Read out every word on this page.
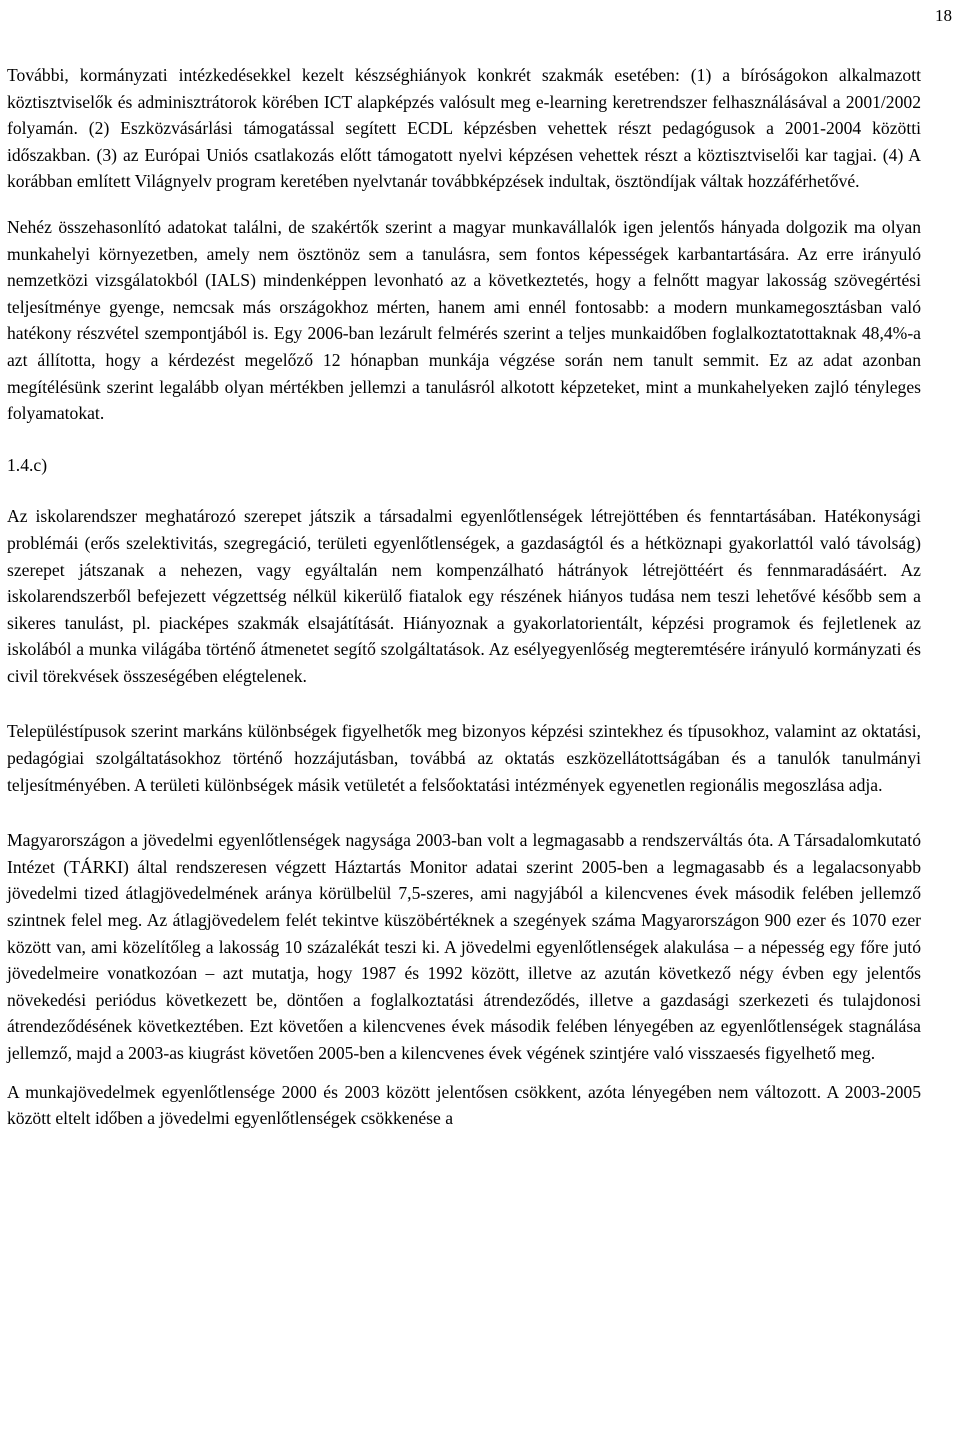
18

További, kormányzati intézkedésekkel kezelt készséghiányok konkrét szakmák esetében: (1) a bíróságokon alkalmazott köztisztviselők és adminisztrátorok körében ICT alapképzés valósult meg e-learning keretrendszer felhasználásával a 2001/2002 folyamán. (2) Eszközvásárlási támogatással segített ECDL képzésben vehettek részt pedagógusok a 2001-2004 közötti időszakban. (3) az Európai Uniós csatlakozás előtt támogatott nyelvi képzésen vehettek részt a köztisztviselői kar tagjai. (4) A korábban említett Világnyelv program keretében nyelvtanár továbbképzések indultak, ösztöndíjak váltak hozzáférhetővé.

Nehéz összehasonlító adatokat találni, de szakértők szerint a magyar munkavállalók igen jelentős hányada dolgozik ma olyan munkahelyi környezetben, amely nem ösztönöz sem a tanulásra, sem fontos képességek karbantartására. Az erre irányuló nemzetközi vizsgálatokból (IALS) mindenképpen levonható az a következtetés, hogy a felnőtt magyar lakosság szövegértési teljesítménye gyenge, nemcsak más országokhoz mérten, hanem ami ennél fontosabb: a modern munkamegosztásban való hatékony részvétel szempontjából is. Egy 2006-ban lezárult felmérés szerint a teljes munkaidőben foglalkoztatottaknak 48,4%-a azt állította, hogy a kérdezést megelőző 12 hónapban munkája végzése során nem tanult semmit. Ez az adat azonban megítélésünk szerint legalább olyan mértékben jellemzi a tanulásról alkotott képzeteket, mint a munkahelyeken zajló tényleges folyamatokat.

1.4.c)

Az iskolarendszer meghatározó szerepet játszik a társadalmi egyenlőtlenségek létrejöttében és fenntartásában. Hatékonysági problémái (erős szelektivitás, szegregáció, területi egyenlőtlenségek, a gazdaságtól és a hétköznapi gyakorlattól való távolság) szerepet játszanak a nehezen, vagy egyáltalán nem kompenzálható hátrányok létrejöttéért és fennmaradásáért. Az iskolarendszerből befejezett végzettség nélkül kikerülő fiatalok egy részének hiányos tudása nem teszi lehetővé később sem a sikeres tanulást, pl. piacképes szakmák elsajátítását. Hiányoznak a gyakorlatorientált, képzési programok és fejletlenek az iskolából a munka világába történő átmenetet segítő szolgáltatások. Az esélyegyenlőség megteremtésére irányuló kormányzati és civil törekvések összeségében elégtelenek.

Településtípusok szerint markáns különbségek figyelhetők meg bizonyos képzési szintekhez és típusokhoz, valamint az oktatási, pedagógiai szolgáltatásokhoz történő hozzájutásban, továbbá az oktatás eszközellátottságában és a tanulók tanulmányi teljesítményében. A területi különbségek másik vetületét a felsőoktatási intézmények egyenetlen regionális megoszlása adja.

Magyarországon a jövedelmi egyenlőtlenségek nagysága 2003-ban volt a legmagasabb a rendszerváltás óta. A Társadalomkutató Intézet (TÁRKI) által rendszeresen végzett Háztartás Monitor adatai szerint 2005-ben a legmagasabb és a legalacsonyabb jövedelmi tized átlagjövedelmének aránya körülbelül 7,5-szeres, ami nagyjából a kilencvenes évek második felében jellemző szintnek felel meg. Az átlagjövedelem felét tekintve küszöbértéknek a szegények száma Magyarországon 900 ezer és 1070 ezer között van, ami közelítőleg a lakosság 10 százalékát teszi ki. A jövedelmi egyenlőtlenségek alakulása – a népesség egy főre jutó jövedelmeire vonatkozóan – azt mutatja, hogy 1987 és 1992 között, illetve az azután következő négy évben egy jelentős növekedési periódus következett be, döntően a foglalkoztatási átrendeződés, illetve a gazdasági szerkezeti és tulajdonosi átrendeződésének következtében. Ezt követően a kilencvenes évek második felében lényegében az egyenlőtlenségek stagnálása jellemző, majd a 2003-as kiugrást követően 2005-ben a kilencvenes évek végének szintjére való visszaesés figyelhető meg.

A munkajövedelmek egyenlőtlensége 2000 és 2003 között jelentősen csökkent, azóta lényegében nem változott. A 2003-2005 között eltelt időben a jövedelmi egyenlőtlenségek csökkenése a
